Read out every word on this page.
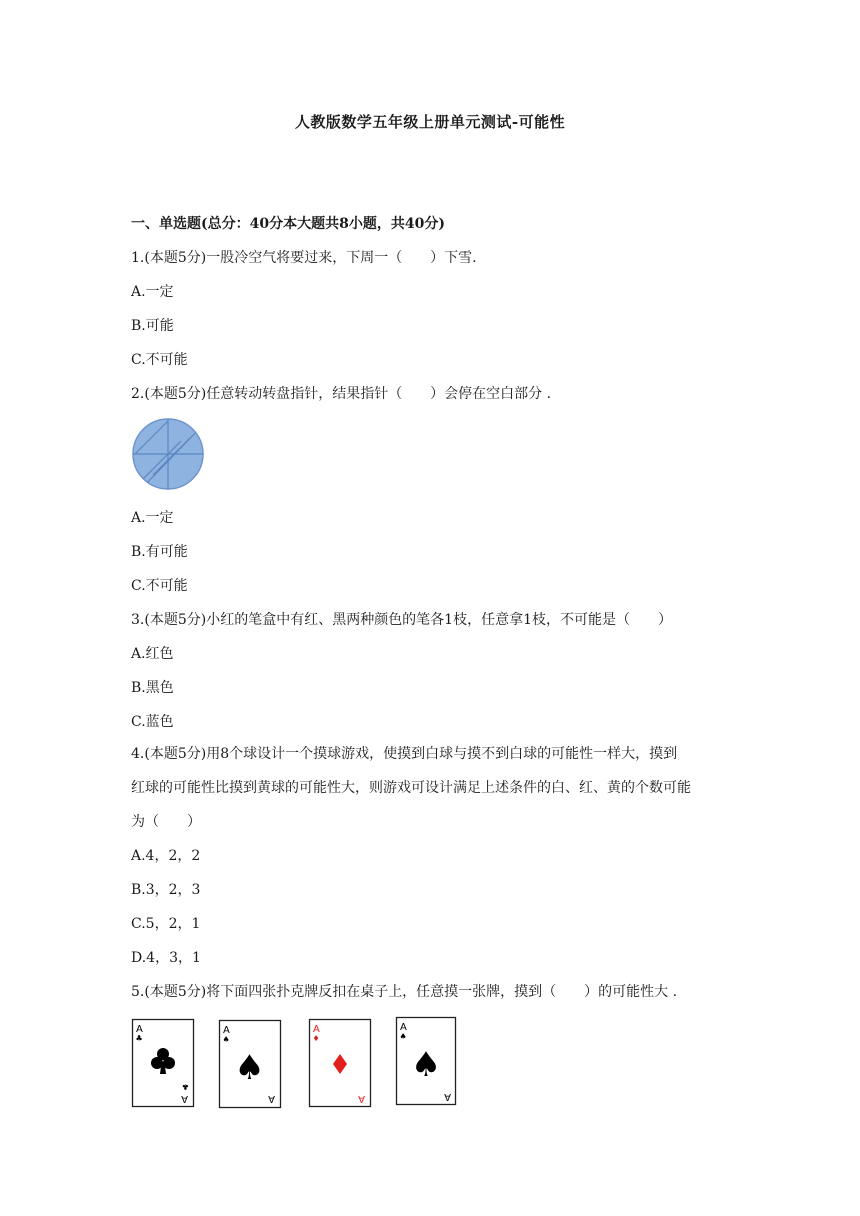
人教版数学五年级上册单元测试-可能性
一、单选题(总分：40分本大题共8小题，共40分)
1.(本题5分)一股冷空气将要过来，下周一（　　）下雪.
A.一定
B.可能
C.不可能
2.(本题5分)任意转动转盘指针，结果指针（　　）会停在空白部分 .
A.一定
B.有可能
C.不可能
3.(本题5分)小红的笔盒中有红、黑两种颜色的笔各1枝，任意拿1枝，不可能是（　　）
A.红色
B.黑色
C.蓝色
4.(本题5分)用8个球设计一个摸球游戏，使摸到白球与摸不到白球的可能性一样大，摸到
红球的可能性比摸到黄球的可能性大，则游戏可设计满足上述条件的白、红、黄的个数可能
为（　　）
A.4，2，2
B.3，2，3
C.5，2，1
D.4，3，1
5.(本题5分)将下面四张扑克牌反扣在桌子上，任意摸一张牌，摸到（　　）的可能性大 .
A
♣
A
♣
A
♠
♠
A
A
♦
A
A
♠
♠
A
